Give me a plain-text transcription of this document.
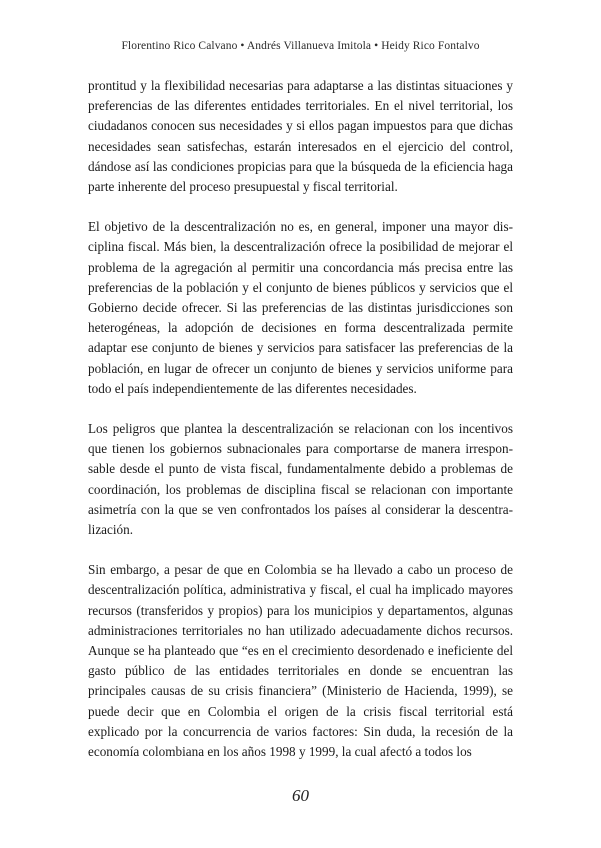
Florentino Rico Calvano • Andrés Villanueva Imitola • Heidy Rico Fontalvo

prontitud y la flexibilidad necesarias para adaptarse a las distintas situaciones y preferencias de las diferentes entidades territoriales. En el nivel territorial, los ciudadanos conocen sus necesidades y si ellos pagan impuestos para que dichas necesidades sean satisfechas, estarán interesados en el ejercicio del control, dándose así las condiciones propicias para que la búsqueda de la eficiencia haga parte inherente del proceso presupuestal y fiscal territorial.

El objetivo de la descentralización no es, en general, imponer una mayor disciplina fiscal. Más bien, la descentralización ofrece la posibilidad de mejorar el problema de la agregación al permitir una concordancia más precisa entre las preferencias de la población y el conjunto de bienes públicos y servicios que el Gobierno decide ofrecer. Si las preferencias de las distintas jurisdicciones son heterogéneas, la adopción de decisiones en forma descentralizada permite adaptar ese conjunto de bienes y servicios para satisfacer las preferencias de la población, en lugar de ofrecer un conjunto de bienes y servicios uniforme para todo el país independientemente de las diferentes necesidades.

Los peligros que plantea la descentralización se relacionan con los incentivos que tienen los gobiernos subnacionales para comportarse de manera irresponsable desde el punto de vista fiscal, fundamentalmente debido a problemas de coordinación, los problemas de disciplina fiscal se relacionan con importante asimetría con la que se ven confrontados los países al considerar la descentralización.

Sin embargo, a pesar de que en Colombia se ha llevado a cabo un proceso de descentralización política, administrativa y fiscal, el cual ha implicado mayores recursos (transferidos y propios) para los municipios y departamentos, algunas administraciones territoriales no han utilizado adecuadamente dichos recursos. Aunque se ha planteado que “es en el crecimiento desordenado e ineficiente del gasto público de las entidades territoriales en donde se encuentran las principales causas de su crisis financiera” (Ministerio de Hacienda, 1999), se puede decir que en Colombia el origen de la crisis fiscal territorial está explicado por la concurrencia de varios factores: Sin duda, la recesión de la economía colombiana en los años 1998 y 1999, la cual afectó a todos los

60
